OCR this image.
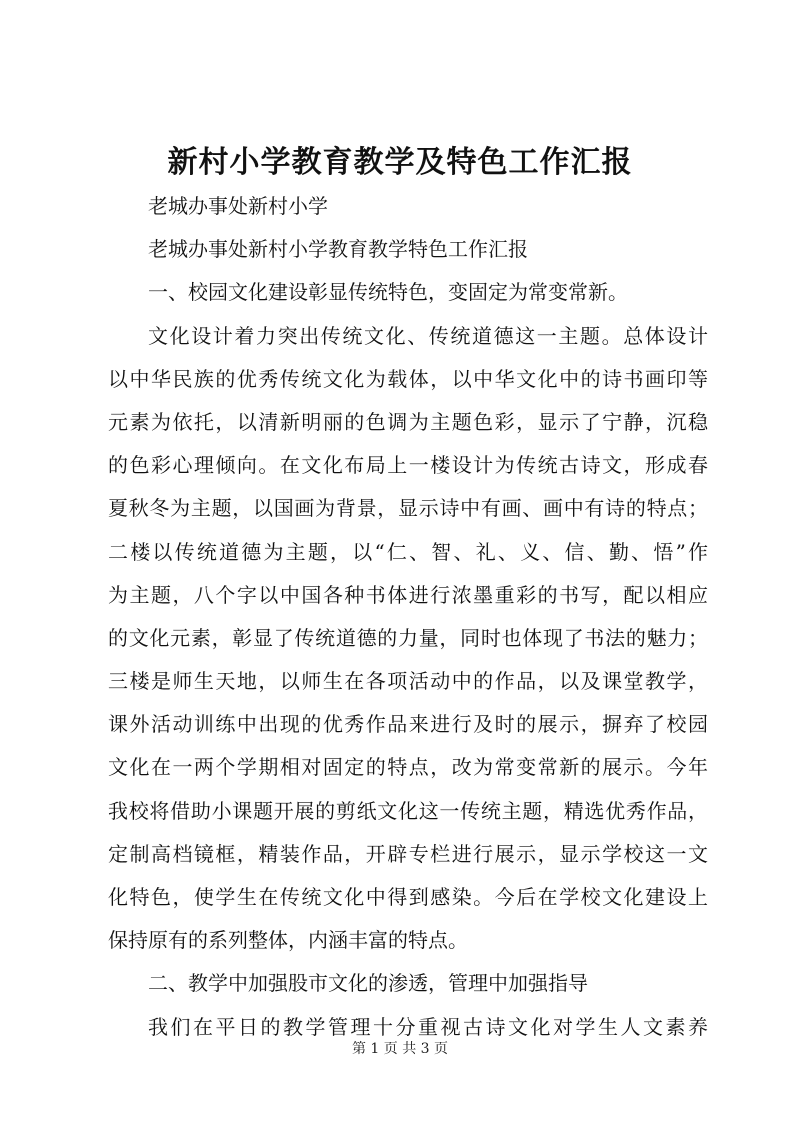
新村小学教育教学及特色工作汇报
老城办事处新村小学
老城办事处新村小学教育教学特色工作汇报
一、校园文化建设彰显传统特色，变固定为常变常新。
文化设计着力突出传统文化、传统道德这一主题。总体设计
以中华民族的优秀传统文化为载体，以中华文化中的诗书画印等
元素为依托，以清新明丽的色调为主题色彩，显示了宁静，沉稳
的色彩心理倾向。在文化布局上一楼设计为传统古诗文，形成春
夏秋冬为主题，以国画为背景，显示诗中有画、画中有诗的特点；
二楼以传统道德为主题，以“仁、智、礼、义、信、勤、悟”作
为主题，八个字以中国各种书体进行浓墨重彩的书写，配以相应
的文化元素，彰显了传统道德的力量，同时也体现了书法的魅力；
三楼是师生天地，以师生在各项活动中的作品，以及课堂教学，
课外活动训练中出现的优秀作品来进行及时的展示，摒弃了校园
文化在一两个学期相对固定的特点，改为常变常新的展示。今年
我校将借助小课题开展的剪纸文化这一传统主题，精选优秀作品，
定制高档镜框，精装作品，开辟专栏进行展示，显示学校这一文
化特色，使学生在传统文化中得到感染。今后在学校文化建设上
保持原有的系列整体，内涵丰富的特点。
二、教学中加强股市文化的渗透，管理中加强指导
我们在平日的教学管理十分重视古诗文化对学生人文素养
第 1 页 共 3 页
